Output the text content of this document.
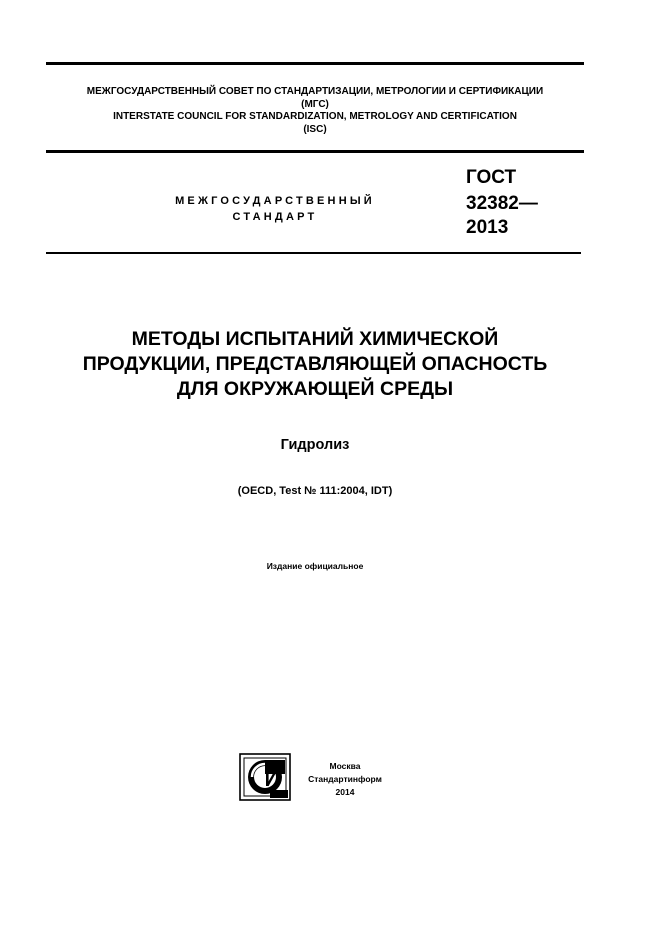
МЕЖГОСУДАРСТВЕННЫЙ СОВЕТ ПО СТАНДАРТИЗАЦИИ, МЕТРОЛОГИИ И СЕРТИФИКАЦИИ
(МГС)
INTERSTATE COUNCIL FOR STANDARDIZATION, METROLOGY AND CERTIFICATION
(ISC)
МЕЖГОСУДАРСТВЕННЫЙ
СТАНДАРТ
ГОСТ
32382—
2013
МЕТОДЫ ИСПЫТАНИЙ ХИМИЧЕСКОЙ
ПРОДУКЦИИ, ПРЕДСТАВЛЯЮЩЕЙ ОПАСНОСТЬ
ДЛЯ ОКРУЖАЮЩЕЙ СРЕДЫ
Гидролиз
(OECD, Test № 111:2004, IDT)
Издание официальное
Москва
Стандартинформ
2014
